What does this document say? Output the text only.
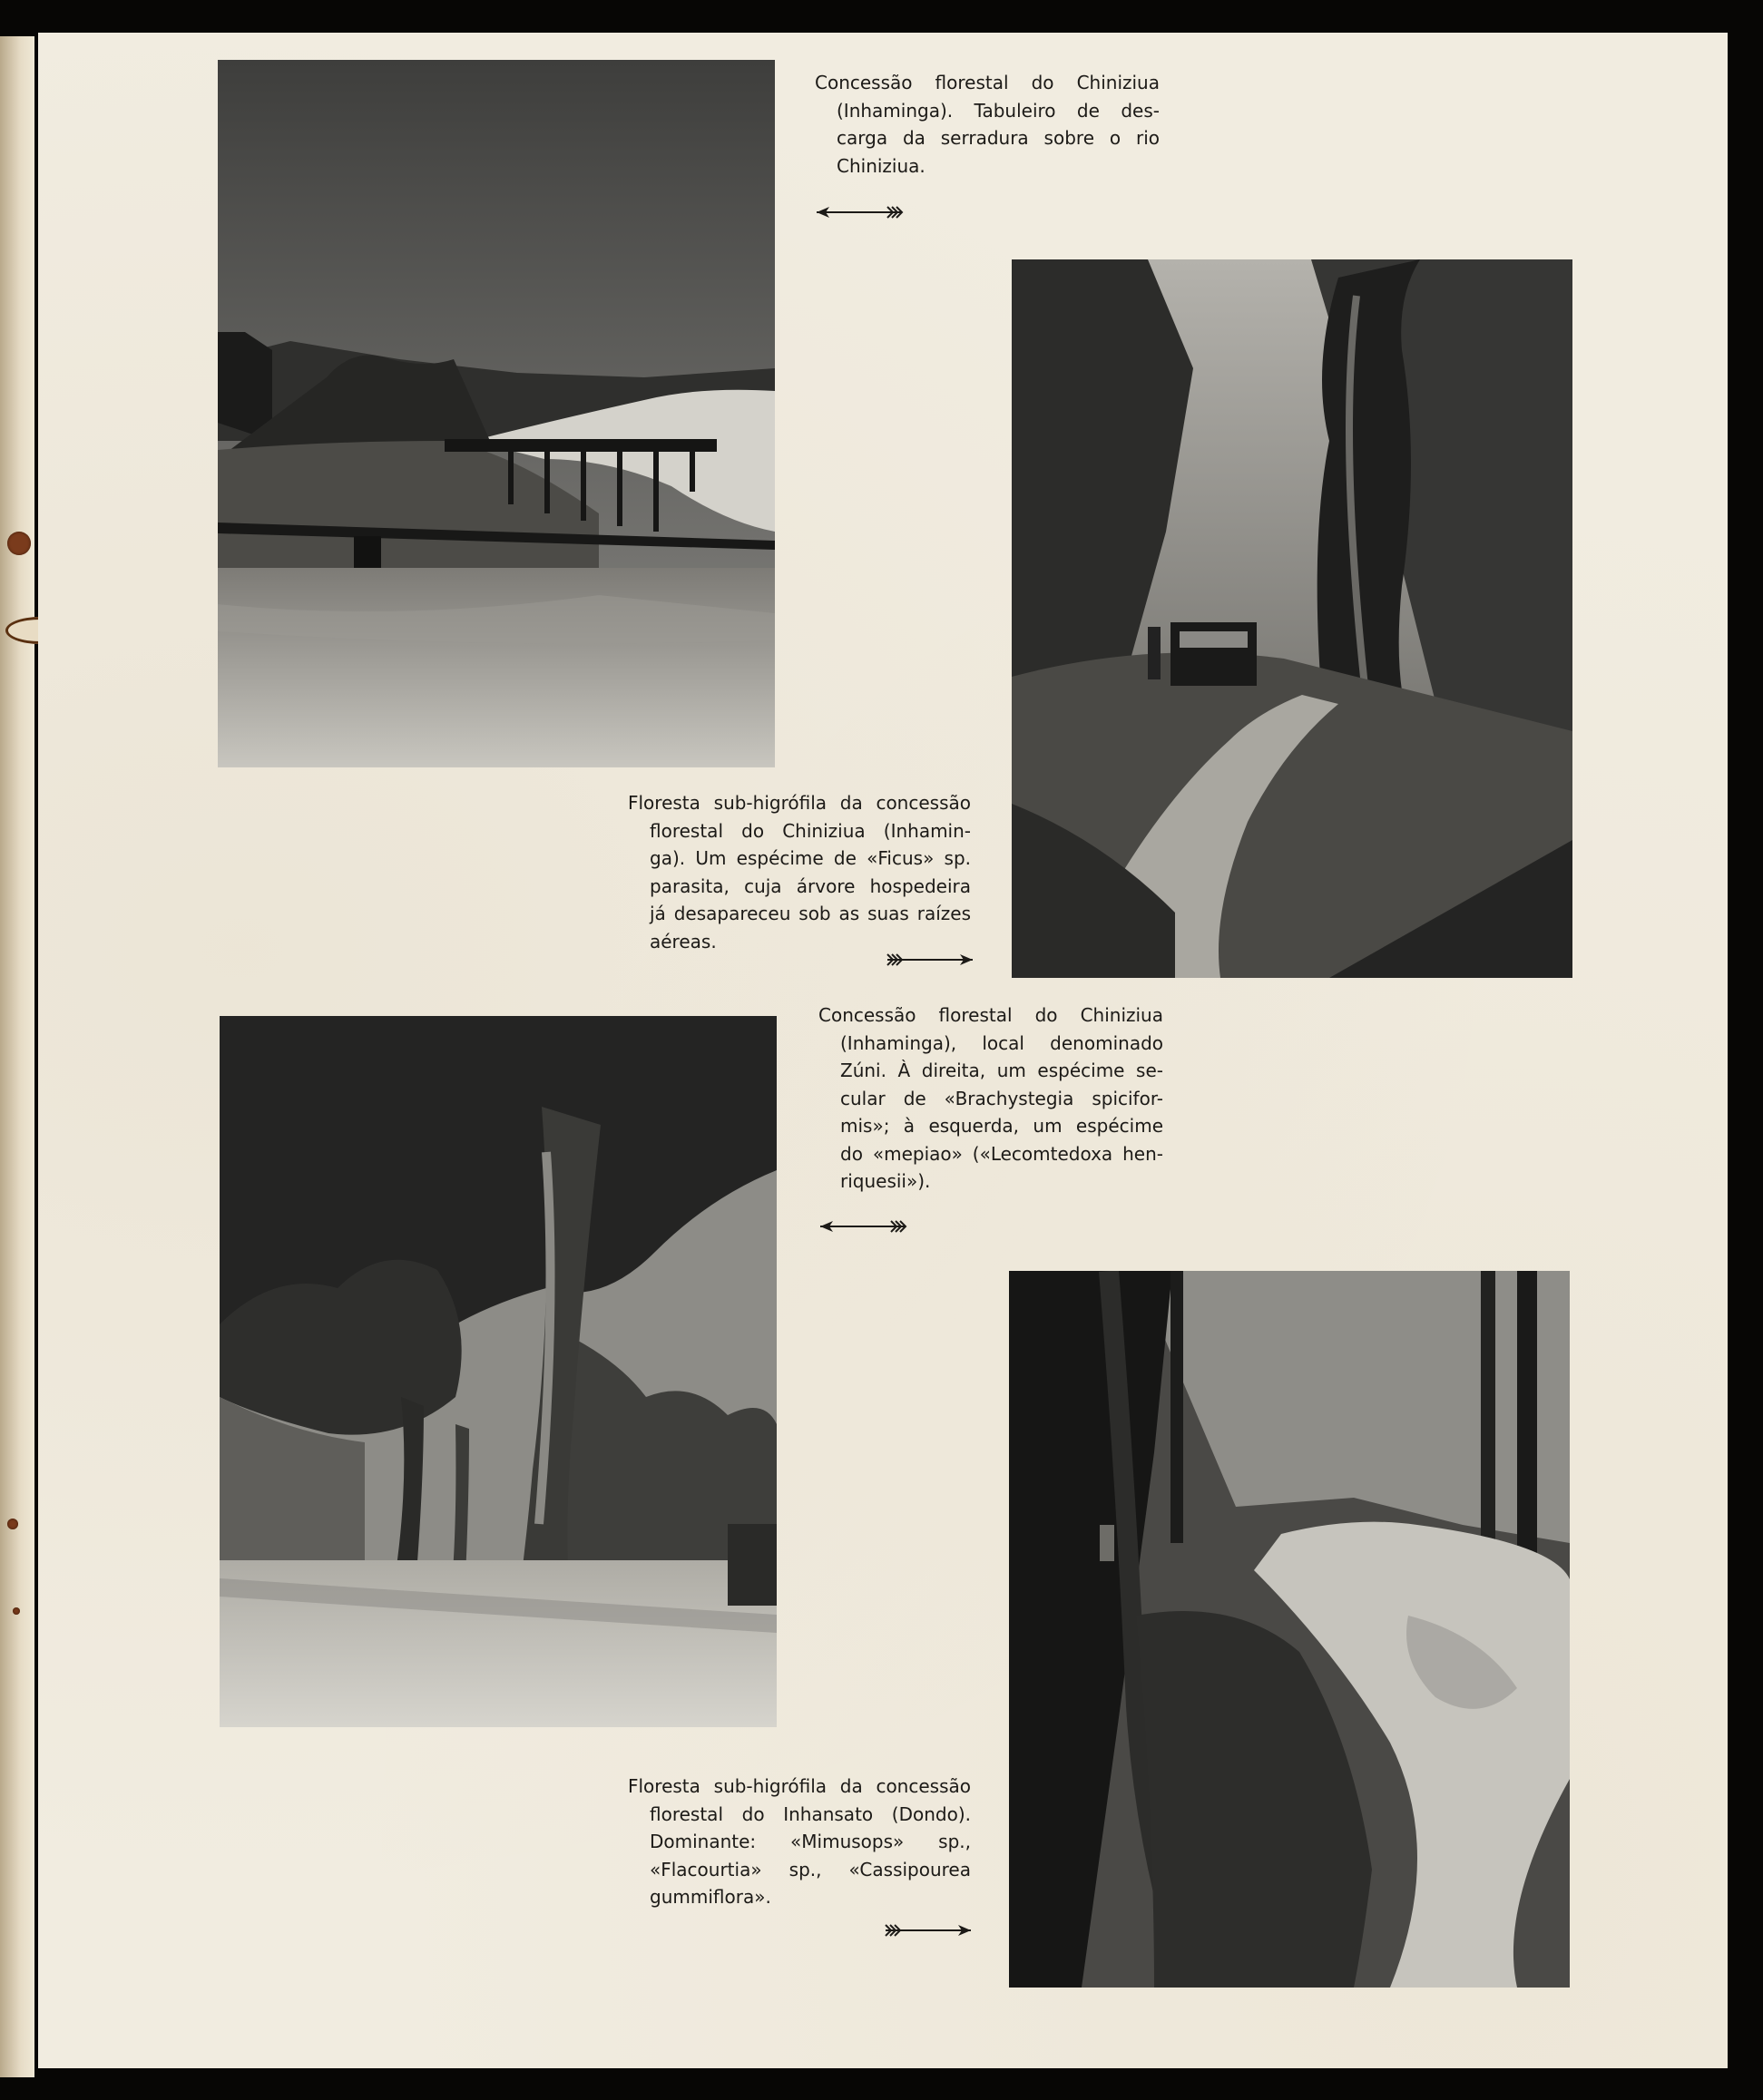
Concessão florestal do Chiniziua
(Inhaminga). Tabuleiro de des-
carga da serradura sobre o rio
Chiniziua.
Floresta sub-higrófila da concessão
florestal do Chiniziua (Inhamin-
ga). Um espécime de «Ficus» sp.
parasita, cuja árvore hospedeira
já desapareceu sob as suas raízes
aéreas.
Concessão florestal do Chiniziua
(Inhaminga), local denominado
Zúni. À direita, um espécime se-
cular de «Brachystegia spicifor-
mis»; à esquerda, um espécime
do «mepiao» («Lecomtedoxa hen-
riquesii»).
Floresta sub-higrófila da concessão
florestal do Inhansato (Dondo).
Dominante: «Mimusops» sp.,
«Flacourtia» sp., «Cassipourea
gummiflora».
